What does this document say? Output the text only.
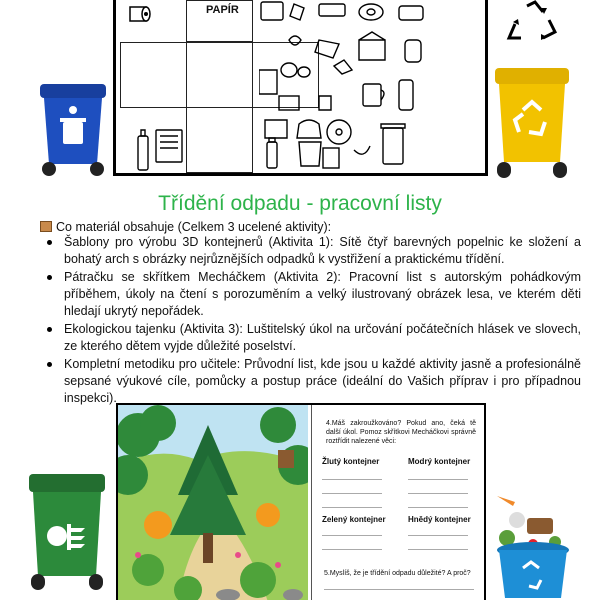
PAPÍR
Třídění odpadu - pracovní listy
Co materiál obsahuje (Celkem 3 ucelené aktivity):
Šablony pro výrobu 3D kontejnerů (Aktivita 1): Sítě čtyř barevných popelnic ke složení a bohatý arch s obrázky nejrůznějších odpadků k vystřižení a praktickému třídění.
Pátračku se skřítkem Mecháčkem (Aktivita 2): Pracovní list s autorským pohádkovým příběhem, úkoly na čtení s porozuměním a velký ilustrovaný obrázek lesa, ve kterém děti hledají ukrytý nepořádek.
Ekologickou tajenku (Aktivita 3): Luštitelský úkol na určování počátečních hlásek ve slovech, ze kterého dětem vyjde důležité poselství.
Kompletní metodiku pro učitele: Průvodní list, kde jsou u každé aktivity jasně a profesionálně sepsané výukové cíle, pomůcky a postup práce (ideální do Vašich příprav i pro případnou inspekci).
4.Máš zakroužkováno? Pokud ano, čeká tě další úkol. Pomoz skřítkovi Mecháčkovi správně roztřídit nalezené věci:
Žlutý kontejner	Modrý kontejner
Zelený kontejner	Hnědý kontejner
5.Myslíš, že je třídění odpadu důležité? A proč?
